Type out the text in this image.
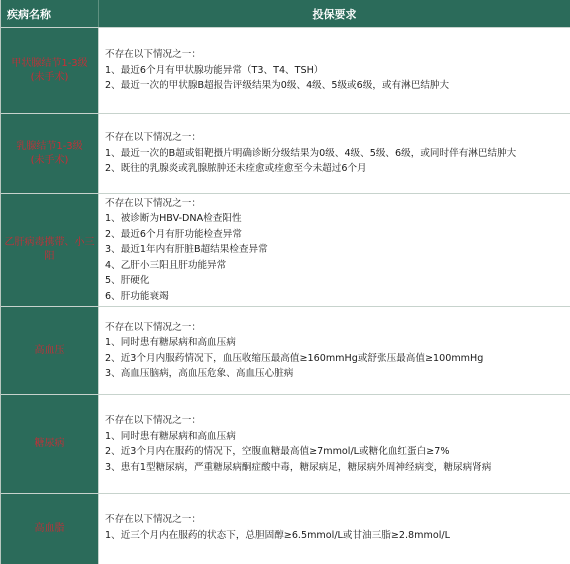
疾病名称	投保要求
甲状腺结节1-3级
(未手术)
不存在以下情况之一：
1、最近6个月有甲状腺功能异常（T3、T4、TSH）
2、最近一次的甲状腺B超报告评级结果为0级、4级、5级或6级，或有淋巴结肿大
乳腺结节1-3级
(未手术)
不存在以下情况之一：
1、最近一次的B超或钼靶摄片明确诊断分级结果为0级、4级、5级、6级，或同时伴有淋巴结肿大
2、既往的乳腺炎或乳腺脓肿还未痊愈或痊愈至今未超过6个月
乙肝病毒携带、小三阳
不存在以下情况之一：
1、被诊断为HBV-DNA检查阳性
2、最近6个月有肝功能检查异常
3、最近1年内有肝脏B超结果检查异常
4、乙肝小三阳且肝功能异常
5、肝硬化
6、肝功能衰竭
高血压
不存在以下情况之一：
1、同时患有糖尿病和高血压病
2、近3个月内服药情况下，血压收缩压最高值≥160mmHg或舒张压最高值≥100mmHg
3、高血压脑病，高血压危象、高血压心脏病
糖尿病
不存在以下情况之一：
1、同时患有糖尿病和高血压病
2、近3个月内在服药的情况下，空腹血糖最高值≥7mmol/L或糖化血红蛋白≥7%
3、患有1型糖尿病，严重糖尿病酮症酸中毒，糖尿病足，糖尿病外周神经病变，糖尿病肾病
高血脂
不存在以下情况之一：
1、近三个月内在服药的状态下，总胆固醇≥6.5mmol/L或甘油三脂≥2.8mmol/L
